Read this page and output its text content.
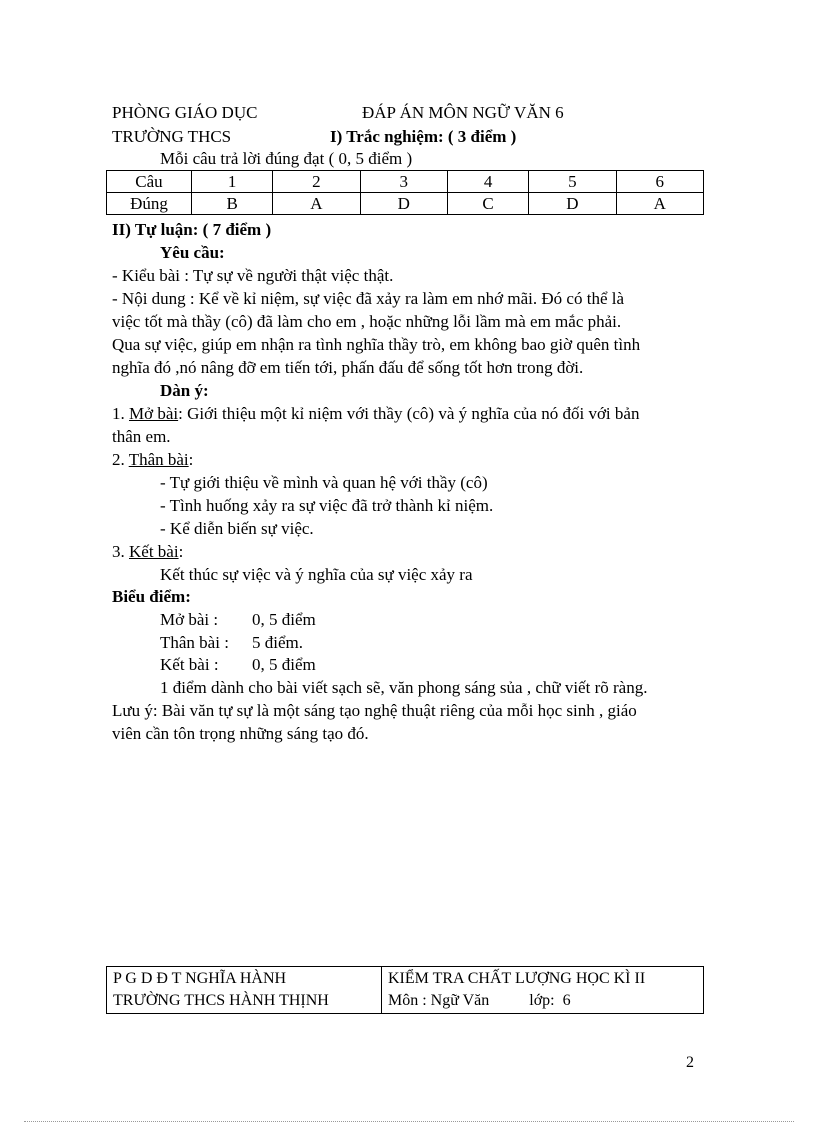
PHÒNG GIÁO DỤC	ĐÁP ÁN MÔN NGỮ VĂN 6
TRƯỜNG THCS	I) Trắc nghiệm: ( 3 điểm )
Mỗi câu trả lời đúng đạt ( 0, 5 điểm )
Câu	1	2	3	4	5	6
Đúng	B	A	D	C	D	A
II) Tự luận: ( 7 điểm )
Yêu cầu:
- Kiểu bài : Tự sự về người thật việc thật.
- Nội dung : Kể về kỉ niệm, sự việc đã xảy ra làm em nhớ mãi. Đó có thể là
việc tốt mà thầy (cô) đã làm cho em , hoặc những lỗi lầm mà em mắc phải.
Qua sự việc, giúp em nhận ra tình nghĩa thầy trò, em không bao giờ quên tình
nghĩa đó ,nó nâng đỡ em tiến tới, phấn đấu để sống tốt hơn trong đời.
Dàn ý:
1. Mở bài: Giới thiệu một kỉ niệm với thầy (cô) và ý nghĩa của nó đối với bản
thân em.
2. Thân bài:
- Tự giới thiệu về mình và quan hệ với thầy (cô)
- Tình huống xảy ra sự việc đã trở thành kỉ niệm.
- Kể diễn biến sự việc.
3. Kết bài:
Kết thúc sự việc và ý nghĩa của sự việc xảy ra
Biểu điểm:
Mở bài : 0, 5 điểm
Thân bài : 5 điểm.
Kết bài : 0, 5 điểm
1 điểm dành cho bài viết sạch sẽ, văn phong sáng sủa , chữ viết rõ ràng.
Lưu ý: Bài văn tự sự là một sáng tạo nghệ thuật riêng của mỗi học sinh , giáo
viên cần tôn trọng những sáng tạo đó.
P G D Đ T NGHĨA HÀNH
TRƯỜNG THCS HÀNH THỊNH

KIỂM TRA CHẤT LƯỢNG HỌC KÌ II
Môn : Ngữ Văn          lớp:  6
2
